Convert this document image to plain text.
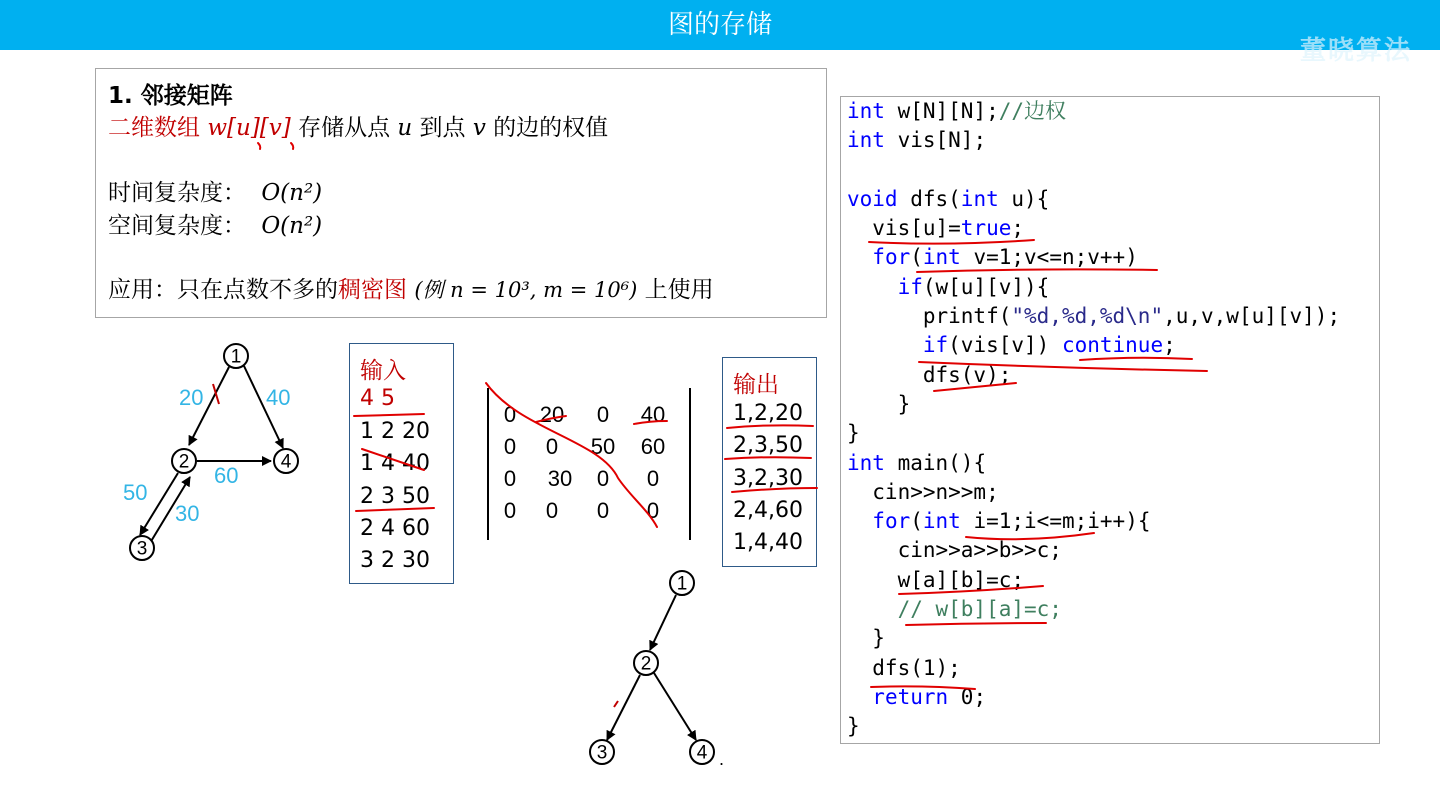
图的存储
董晓算法
1. 邻接矩阵
二维数组 w[u][v] 存储从点 u 到点 v 的边的权值
时间复杂度： O(n²)
空间复杂度： O(n²)
应用：只在点数不多的稠密图 (例 n = 10³, m = 10⁶) 上使用
1
2
3
4
20	40
60
50
30
输入
4 5
1 2 20
1 4 40
2 3 50
2 4 60
3 2 30
0	20	0	40
0	0	50	60
0	30	0	0
0	0	0	0
输出
1,2,20
2,3,50
3,2,30
2,4,60
1,4,40
1
2
3	4 .
int w[N][N];//边权
int vis[N];

void dfs(int u){
vis[u]=true;
for(int v=1;v<=n;v++)
if(w[u][v]){
printf("%d,%d,%d\n",u,v,w[u][v]);
if(vis[v]) continue;
dfs(v);
}
}
int main(){
cin>>n>>m;
for(int i=1;i<=m;i++){
cin>>a>>b>>c;
w[a][b]=c;
// w[b][a]=c;
}
dfs(1);
return 0;
}
